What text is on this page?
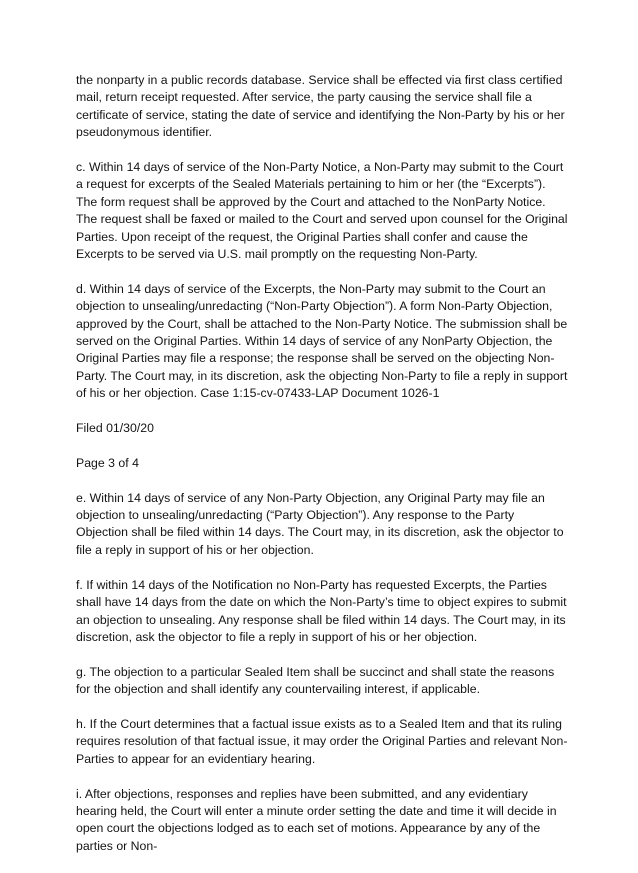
the nonparty in a public records database. Service shall be effected via first class certified mail, return receipt requested. After service, the party causing the service shall file a certificate of service, stating the date of service and identifying the Non-Party by his or her pseudonymous identifier.

c. Within 14 days of service of the Non-Party Notice, a Non-Party may submit to the Court a request for excerpts of the Sealed Materials pertaining to him or her (the “Excerpts”). The form request shall be approved by the Court and attached to the NonParty Notice. The request shall be faxed or mailed to the Court and served upon counsel for the Original Parties. Upon receipt of the request, the Original Parties shall confer and cause the Excerpts to be served via U.S. mail promptly on the requesting Non-Party.

d. Within 14 days of service of the Excerpts, the Non-Party may submit to the Court an objection to unsealing/unredacting (“Non-Party Objection”). A form Non-Party Objection, approved by the Court, shall be attached to the Non-Party Notice. The submission shall be served on the Original Parties. Within 14 days of service of any NonParty Objection, the Original Parties may file a response; the response shall be served on the objecting Non-Party. The Court may, in its discretion, ask the objecting Non-Party to file a reply in support of his or her objection. Case 1:15-cv-07433-LAP Document 1026-1

Filed 01/30/20

Page 3 of 4

e. Within 14 days of service of any Non-Party Objection, any Original Party may file an objection to unsealing/unredacting (“Party Objection”). Any response to the Party Objection shall be filed within 14 days. The Court may, in its discretion, ask the objector to file a reply in support of his or her objection.

f. If within 14 days of the Notification no Non-Party has requested Excerpts, the Parties shall have 14 days from the date on which the Non-Party’s time to object expires to submit an objection to unsealing. Any response shall be filed within 14 days. The Court may, in its discretion, ask the objector to file a reply in support of his or her objection.

g. The objection to a particular Sealed Item shall be succinct and shall state the reasons for the objection and shall identify any countervailing interest, if applicable.

h. If the Court determines that a factual issue exists as to a Sealed Item and that its ruling requires resolution of that factual issue, it may order the Original Parties and relevant Non-Parties to appear for an evidentiary hearing.

i. After objections, responses and replies have been submitted, and any evidentiary hearing held, the Court will enter a minute order setting the date and time it will decide in open court the objections lodged as to each set of motions. Appearance by any of the parties or Non-
